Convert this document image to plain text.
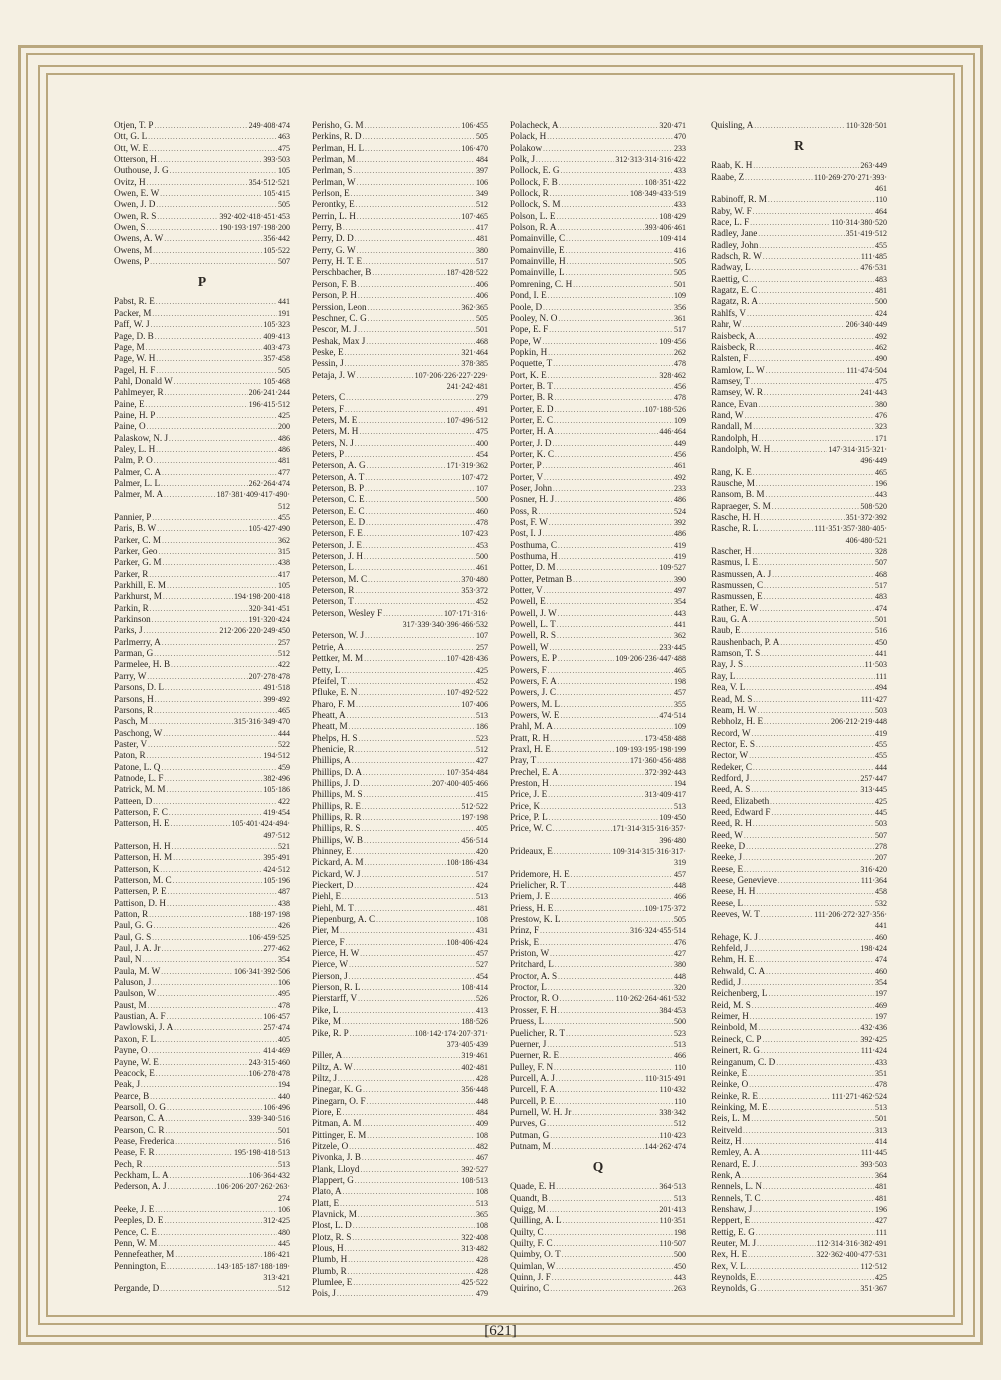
Otjen, T. P .....	249·408·474
Ott, G. L .....	463
Ott, W. E .....	475
Otterson, H .....	393·503
Outhouse, J. G .....	105
Ovitz, H .....	354·512·521
Owen, E. W .....	105·415
Owen, J. D .....	505
Owen, R. S .....	392·402·418·451·453
Owen, S .....	190·193·197·198·200
Owens, A. W .....	356·442
Owens, M .....	105·522
Owens, P .....	507
P
Pabst, R. E .....	441
Packer, M .....	191
Paff, W. J .....	105·323
Page, D. B .....	409·413
Page, M .....	403·473
Page, W. H .....	357·458
Pagel, H. F .....	505
Pahl, Donald W .....	105·468
Pahlmeyer, R .....	206·241·244
Paine, E .....	196·415·512
Paine, H. P .....	425
Paine, O .....	200
Palaskow, N. J .....	486
Paley, L. H .....	486
Palm, P. O .....	481
Palmer, C. A .....	477
Palmer, L. L .....	262·264·474
Palmer, M. A .....	187·381·409·417·490·
512
Pannier, P .....	455
Paris, B. W .....	105·427·490
Parker, C. M .....	362
Parker, Geo .....	315
Parker, G. M .....	438
Parker, R .....	417
Parkhill, E. M .....	105
Parkhurst, M .....	194·198·200·418
Parkin, R .....	320·341·451
Parkinson .....	191·320·424
Parks, J .....	212·206·220·249·450
Parlmerry, A .....	257
Parman, G .....	512
Parmelee, H. B .....	422
Parry, W .....	207·278·478
Parsons, D. L .....	491·518
Parsons, H .....	399·492
Parsons, R .....	465
Pasch, M .....	315·316·349·470
Paschong, W .....	444
Paster, V .....	522
Paton, R .....	194·512
Patone, L. Q .....	459
Patnode, L. F .....	382·496
Patrick, M. M .....	105·186
Patteen, D .....	422
Patterson, F. C .....	419·454
Patterson, H. E .....	105·401·424·494·
497·512
Patterson, H. H .....	521
Patterson, H. M .....	395·491
Patterson, K .....	424·512
Patterson, M. C .....	105·196
Pattersen, P. E .....	487
Pattison, D. H .....	438
Patton, R .....	188·197·198
Paul, G. G .....	426
Paul, G. S .....	106·459·525
Paul, J. A. Jr .....	277·462
Paul, N .....	354
Paula, M. W .....	106·341·392·506
Paluson, J .....	106
Paulson, W .....	495
Paust, M .....	478
Paustian, A. F .....	106·457
Pawlowski, J. A .....	257·474
Paxon, F. L .....	405
Payne, O .....	414·469
Payne, W. E .....	243·315·460
Peacock, E .....	106·278·478
Peak, J .....	194
Pearce, B .....	440
Pearsoll, O. G .....	106·496
Pearson, C. A .....	339·340·516
Pearson, C. R .....	501
Pease, Frederica .....	516
Pease, F. R .....	195·198·418·513
Pech, R .....	513
Peckham, L. A .....	106·364·432
Pederson, A. J .....	106·206·207·262·263·
274
Peeke, J. E .....	106
Peeples, D. E .....	312·425
Pence, C. E .....	480
Penn, W. M .....	445
Pennefeather, M .....	186·421
Pennington, E .....	143·185·187·188·189·
313·421
Pergande, D .....	512
Perisho, G. M .....	106·455
Perkins, R. D .....	505
Perlman, H. L .....	106·470
Perlman, M .....	484
Perlman, S .....	397
Perlman, W .....	106
Perlson, E .....	349
Perontky, E .....	512
Perrin, L. H .....	107·465
Perry, B .....	417
Perry, D. D .....	481
Perry, G. W .....	380
Perry, H. T. E .....	517
Perschbacher, B .....	187·428·522
Person, F. B .....	406
Person, P. H .....	406
Perssion, Leon .....	362·365
Peschner, C. G .....	505
Pescor, M. J .....	501
Peshak, Max J .....	468
Peske, E .....	321·464
Pessin, J .....	378·385
Petaja, J. W .....	107·206·226·227·229·
241·242·481
Peters, C .....	279
Peters, F .....	491
Peters, M. E .....	107·496·512
Peters, M. H .....	475
Peters, N. J .....	400
Peters, P .....	454
Peterson, A. G .....	171·319·362
Peterson, A. T .....	107·472
Peterson, B. P .....	107
Peterson, C. E .....	500
Peterson, E. C .....	460
Peterson, E. D .....	478
Peterson, F. E .....	107·423
Peterson, J. E .....	453
Peterson, J. H .....	500
Peterson, L .....	461
Peterson, M. C .....	370·480
Peterson, R .....	353·372
Peterson, T .....	452
Peterson, Wesley F .....	107·171·316·
317·339·340·396·466·532
Peterson, W. J .....	107
Petrie, A .....	257
Pettker, M. M .....	107·428·436
Petty, L .....	425
Pfeifel, T .....	452
Pfluke, E. N .....	107·492·522
Pharo, F. M .....	107·406
Pheatt, A .....	513
Pheatt, M .....	186
Phelps, H. S .....	523
Phenicie, R .....	512
Phillips, A .....	427
Phillips, D. A .....	107·354·484
Phillips, J. D .....	207·400·405·466
Phillips, M. S .....	415
Phillips, R. E .....	512·522
Phillips, R. R .....	197·198
Phillips, R. S .....	405
Phillips, W. B .....	456·514
Phinney, E .....	420
Pickard, A. M .....	108·186·434
Pickard, W. J .....	517
Pieckert, D .....	424
Piehl, E .....	513
Piehl, M. T .....	481
Piepenburg, A. C .....	108
Pier, M .....	431
Pierce, F .....	108·406·424
Pierce, H. W .....	457
Pierce, W .....	527
Pierson, J .....	454
Pierson, R. L .....	108·414
Pierstarff, V .....	526
Pike, L .....	413
Pike, M .....	188·526
Pike, R. P .....	108·142·174·207·371·
373·405·439
Piller, A .....	319·461
Piltz, A. W .....	402·481
Piltz, J .....	428
Pinegar, K. G .....	356·448
Pinegarn, O. F .....	448
Piore, E .....	484
Pitman, A. M .....	409
Pittinger, E. M .....	108
Pitzele, O .....	482
Pivonka, J. B .....	467
Plank, Lloyd .....	392·527
Plappert, G .....	108·513
Plato, A .....	108
Platt, E .....	513
Plavnick, M .....	365
Plost, L. D .....	108
Plotz, R. S .....	322·408
Plous, H .....	313·482
Plumb, H .....	428
Plumb, R .....	428
Plumlee, E .....	425·522
Pois, J .....	479
Polacheck, A .....	320·471
Polack, H .....	470
Polakow .....	233
Polk, J .....	312·313·314·316·422
Pollock, E. G .....	433
Pollock, F. B .....	108·351·422
Pollock, R .....	108·349·433·519
Pollock, S. M .....	433
Polson, L. E .....	108·429
Polson, R. A .....	393·406·461
Pomainville, C .....	109·414
Pomainville, E .....	416
Pomainville, H .....	505
Pomainville, L .....	505
Pomrening, C. H .....	501
Pond, I. E .....	109
Poole, D .....	356
Pooley, N. O .....	361
Pope, E. F .....	517
Pope, W .....	109·456
Popkin, H .....	262
Poquette, T .....	478
Port, K. E .....	328·462
Porter, B. T .....	456
Porter, B. R .....	478
Porter, E. D .....	107·188·526
Porter, E. C .....	109
Porter, H. A .....	446·464
Porter, J. D .....	449
Porter, K. C .....	456
Porter, P .....	461
Porter, V .....	492
Poser, John .....	233
Posner, H. J .....	486
Poss, R .....	524
Post, F. W .....	392
Post, I. J .....	486
Posthuma, C .....	419
Posthuma, H .....	419
Potter, D. M .....	109·527
Potter, Petman B .....	390
Potter, V .....	497
Powell, E .....	354
Powell, J. W .....	443
Powell, L. T .....	441
Powell, R. S .....	362
Powell, W .....	233·445
Powers, E. P .....	109·206·236·447·488
Powers, F .....	465
Powers, F. A .....	198
Powers, J. C .....	457
Powers, M. L .....	355
Powers, W. E .....	474·514
Prahl, M. A .....	109
Pratt, R. H .....	173·458·488
Praxl, H. E .....	109·193·195·198·199
Pray, T .....	171·360·456·488
Prechel, E. A .....	372·392·443
Preston, H .....	194
Price, J. E .....	313·409·417
Price, K .....	513
Price, P. L .....	109·450
Price, W. C .....	171·314·315·316·357·
396·480
Prideaux, E .....	109·314·315·316·317·
319
Pridemore, H. E .....	457
Prielicher, R. T .....	448
Priem, J. E .....	466
Priess, H. E .....	109·175·372
Prestow, K. L .....	505
Prinz, F .....	316·324·455·514
Prisk, E .....	476
Priston, W .....	427
Pritchard, L .....	380
Proctor, A. S .....	448
Proctor, L .....	320
Proctor, R. O .....	110·262·264·461·532
Prosser, F. H .....	384·453
Pruess, L .....	500
Puelicher, R. T .....	523
Puerner, J .....	513
Puerner, R. E .....	466
Pulley, F. N .....	110
Purcell, A. J .....	110·315·491
Purcell, F. A .....	110·432
Purcell, P. E .....	110
Purnell, W. H. Jr .....	338·342
Purves, G .....	512
Putman, G .....	110·423
Putnam, M .....	144·262·474
Q
Quade, E. H .....	364·513
Quandt, B .....	513
Quigg, M .....	201·413
Quilling, A. L .....	110·351
Quilty, C .....	198
Quilty, F. C .....	110·507
Quimby, O. T .....	500
Quimlan, W .....	450
Quinn, J. F .....	443
Quirino, C .....	263
Quisling, A .....	110·328·501
R
Raab, K. H .....	263·449
Raabe, Z .....	110·269·270·271·393·
461
Rabinoff, R. M .....	110
Raby, W. F .....	464
Race, L. F .....	110·314·380·520
Radley, Jane .....	351·419·512
Radley, John .....	455
Radsch, R. W .....	111·485
Radway, L .....	476·531
Raettig, C .....	483
Ragatz, E. C .....	481
Ragatz, R. A .....	500
Rahlfs, V .....	424
Rahr, W .....	206·340·449
Raisbeck, A .....	492
Raisbeck, R .....	462
Ralsten, F .....	490
Ramlow, L. W .....	111·474·504
Ramsey, T .....	475
Ramsey, W. R .....	241·443
Rance, Evan .....	380
Rand, W .....	476
Randall, M .....	323
Randolph, H .....	171
Randolph, W. H .....	147·314·315·321·
496·449
Rang, K. E .....	465
Rausche, M .....	196
Ransom, B. M .....	443
Rapraeger, S. M .....	508·520
Rasche, H. H .....	351·372·392
Rasche, R. L .....	111·351·357·380·405·
406·480·521
Rascher, H .....	328
Rasmus, I. E .....	507
Rasmussen, A. J .....	468
Rasmussen, C .....	517
Rasmussen, E .....	483
Rather, E. W .....	474
Rau, G. A .....	501
Raub, E .....	516
Raushenbach, P. A .....	450
Ramson, T. S .....	441
Ray, J. S .....	11·503
Ray, L .....	111
Rea, V. L .....	494
Read, M. S .....	111·427
Ream, H. W .....	503
Rebholz, H. E .....	206·212·219·448
Record, W .....	419
Rector, E. S .....	455
Rector, W .....	455
Redeker, C .....	444
Redford, J .....	257·447
Reed, A. S .....	313·445
Reed, Elizabeth .....	425
Reed, Edward F .....	445
Reed, R. H .....	503
Reed, W .....	507
Reeke, D .....	278
Reeke, J .....	207
Reese, E .....	316·420
Reese, Genevieve .....	111·364
Reese, H. H .....	458
Reese, L .....	532
Reeves, W. T .....	111·206·272·327·356·
441
Rehage, K. J .....	460
Rehfeld, J .....	198·424
Rehm, H. E .....	474
Rehwald, C. A .....	460
Redid, J .....	354
Reichenberg, L .....	197
Reid, M. S .....	469
Reimer, H .....	197
Reinbold, M .....	432·436
Reineck, C. P .....	392·425
Reinert, R. G .....	111·424
Reinganum, C. D .....	433
Reinke, E .....	351
Reinke, O .....	478
Reinke, R. E .....	111·271·462·524
Reinking, M. E .....	513
Reis, L. M .....	501
Reitveld .....	313
Reitz, H .....	414
Remley, A. A .....	111·445
Renard, E. J .....	393·503
Renk, A .....	364
Rennels, L. N .....	481
Rennels, T. C .....	481
Renshaw, J .....	196
Reppert, E .....	427
Rettig, E. G .....	111
Reuter, M. J .....	112·314·316·382·491
Rex, H. E .....	322·362·400·477·531
Rex, V. L .....	112·512
Reynolds, E .....	425
Reynolds, G .....	351·367
[621]
